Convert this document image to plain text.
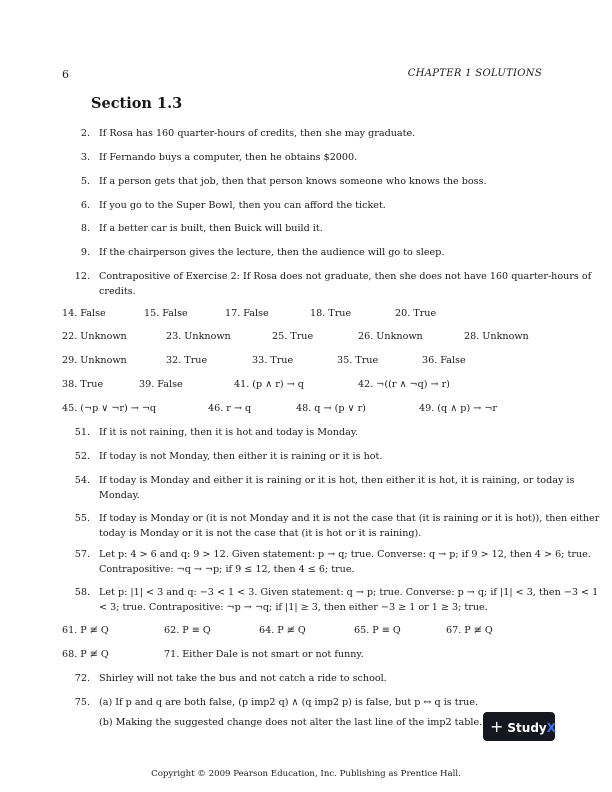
6	CHAPTER 1 SOLUTIONS
Section 1.3
2. If Rosa has 160 quarter-hours of credits, then she may graduate.
3. If Fernando buys a computer, then he obtains $2000.
5. If a person gets that job, then that person knows someone who knows the boss.
6. If you go to the Super Bowl, then you can afford the ticket.
8. If a better car is built, then Buick will build it.
9. If the chairperson gives the lecture, then the audience will go to sleep.
12. Contrapositive of Exercise 2: If Rosa does not graduate, then she does not have 160 quarter-hours of credits.
14. False	15. False	17. False	18. True	20. True
22. Unknown	23. Unknown	25. True	26. Unknown	28. Unknown
29. Unknown	32. True	33. True	35. True	36. False
38. True	39. False	41. (p ∧ r) → q	42. ¬((r ∧ ¬q) → r)
45. (¬p ∨ ¬r) → ¬q	46. r → q	48. q → (p ∨ r)	49. (q ∧ p) → ¬r
51. If it is not raining, then it is hot and today is Monday.
52. If today is not Monday, then either it is raining or it is hot.
54. If today is Monday and either it is raining or it is hot, then either it is hot, it is raining, or today is Monday.
55. If today is Monday or (it is not Monday and it is not the case that (it is raining or it is hot)), then either today is Monday or it is not the case that (it is hot or it is raining).
57. Let p: 4 > 6 and q: 9 > 12. Given statement: p → q; true. Converse: q → p; if 9 > 12, then 4 > 6; true. Contrapositive: ¬q → ¬p; if 9 ≤ 12, then 4 ≤ 6; true.
58. Let p: |1| < 3 and q: −3 < 1 < 3. Given statement: q → p; true. Converse: p → q; if |1| < 3, then −3 < 1 < 3; true. Contrapositive: ¬p → ¬q; if |1| ≥ 3, then either −3 ≥ 1 or 1 ≥ 3; true.
61. P ≢ Q	62. P ≡ Q	64. P ≢ Q	65. P ≡ Q	67. P ≢ Q
68. P ≢ Q	71. Either Dale is not smart or not funny.
72. Shirley will not take the bus and not catch a ride to school.
75. (a) If p and q are both false, (p imp2 q) ∧ (q imp2 p) is false, but p ↔ q is true.
(b) Making the suggested change does not alter the last line of the imp2 table. + StudyX
Copyright © 2009 Pearson Education, Inc. Publishing as Prentice Hall.
